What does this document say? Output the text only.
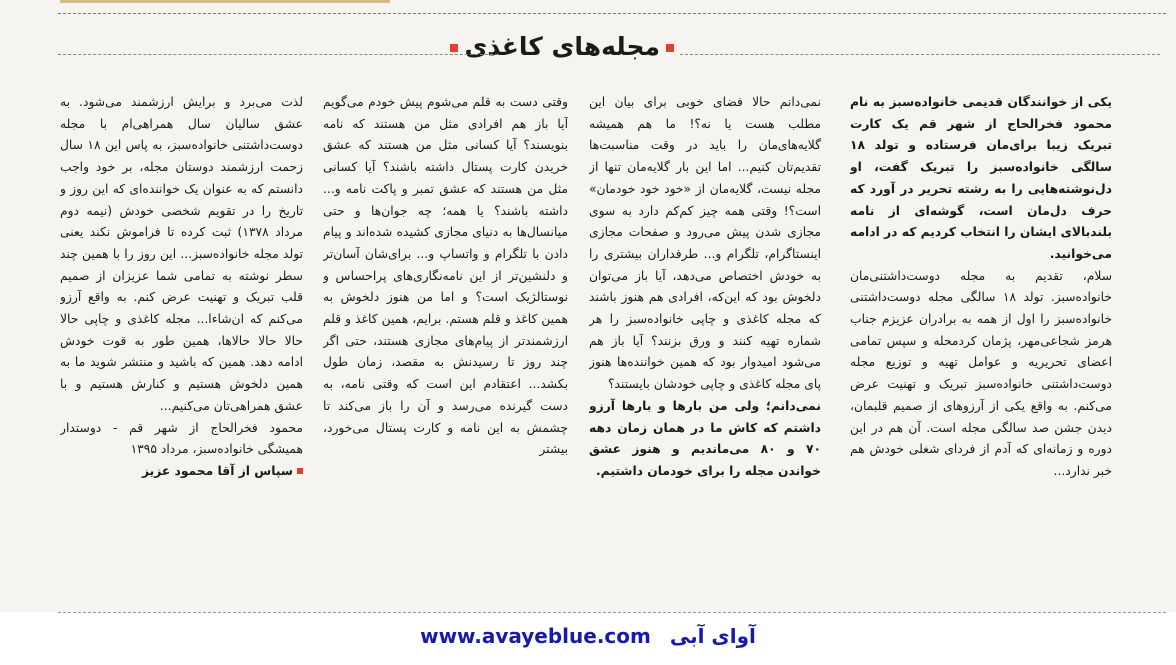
مجله‌های کاغذی

یکی از خوانندگان قدیمی خانواده‌سبز به نام محمود فخرالحاج از شهر قم یک کارت تبریک زیبا برای‌مان فرستاده و تولد ۱۸ سالگی خانواده‌سبز را تبریک گفت، او دل‌نوشته‌هایی را به رشته تحریر در آورد که حرف دل‌مان است، گوشه‌ای از نامه بلندبالای ایشان را انتخاب کردیم که در ادامه می‌خوانید.

سلام، تقدیم به مجله دوست‌داشتنی‌مان خانواده‌سبز. تولد ۱۸ سالگی مجله دوست‌داشتنی خانواده‌سبز را اول از همه به برادران عزیزم جناب هرمز شجاعی‌مهر، پژمان کردمحله و سپس تمامی اعضای تحریریه و عوامل تهیه و توزیع مجله دوست‌داشتنی خانواده‌سبز تبریک و تهنیت عرض می‌کنم. به واقع یکی از آرزوهای از صمیم قلبمان، دیدن جشن صد سالگی مجله است. آن هم در این دوره و زمانه‌ای که آدم از فردای شغلی خودش هم خبر ندارد...

نمی‌دانم حالا فضای خوبی برای بیان این مطلب هست یا نه؟! ما هم همیشه گلایه‌های‌مان را باید در وقت مناسبت‌ها تقدیم‌تان کنیم... اما این بار گلایه‌مان تنها از مجله نیست، گلایه‌مان از «خود خود خودمان» است؟! وقتی همه چیز کم‌کم دارد به سوی مجازی شدن پیش می‌رود و صفحات مجازی اینستاگرام، تلگرام و... طرفداران بیشتری را به خودش اختصاص می‌دهد، آیا باز می‌توان دلخوش بود که این‌که، افرادی هم هنوز باشند که مجله کاغذی و چاپی خانواده‌سبز را هر شماره تهیه کنند و ورق بزنند؟ آیا باز هم می‌شود امیدوار بود که همین خواننده‌ها هنوز پای مجله کاغذی و چاپی خودشان بایستند؟

نمی‌دانم؛ ولی من بارها و بارها آرزو داشتم که کاش ما در همان زمان دهه ۷۰ و ۸۰ می‌ماندیم و هنوز عشق خواندن مجله را برای خودمان داشتیم.

وقتی دست به قلم می‌شوم پیش خودم می‌گویم آیا باز هم افرادی مثل من هستند که نامه بنویسند؟ آیا کسانی مثل من هستند که عشق خریدن کارت پستال داشته باشند؟ آیا کسانی مثل من هستند که عشق تمبر و پاکت نامه و... داشته باشند؟ یا همه؛ چه جوان‌ها و حتی میانسال‌ها به دنیای مجازی کشیده شده‌اند و پیام دادن با تلگرام و واتساپ و... برای‌شان آسان‌تر و دلنشین‌تر از این نامه‌نگاری‌های پراحساس و نوستالژیک است؟ و اما من هنوز دلخوش به همین کاغذ و قلم هستم. برایم، همین کاغذ و قلم ارزشمندتر از پیام‌های مجازی هستند، حتی اگر چند روز تا رسیدنش به مقصد، زمان طول بکشد... اعتقادم این است که وقتی نامه، به دست گیرنده می‌رسد و آن را باز می‌کند تا چشمش به این نامه و کارت پستال می‌خورد، بیشتر

لذت می‌برد و برایش ارزشمند می‌شود. به عشق سالیان سال همراهی‌ام با مجله دوست‌داشتنی خانواده‌سبز، به پاس این ۱۸ سال زحمت ارزشمند دوستان مجله، بر خود واجب دانستم که به عنوان یک خواننده‌ای که این روز و تاریخ را در تقویم شخصی خودش (نیمه دوم مرداد ۱۳۷۸) ثبت کرده تا فراموش نکند یعنی تولد مجله خانواده‌سبز... این روز را با همین چند سطر نوشته به تمامی شما عزیزان از صمیم قلب تبریک و تهنیت عرض کنم. به واقع آرزو می‌کنم که ان‌شاءا... مجله کاغذی و چاپی حالا حالا حالا حالاها، همین طور به قوت خودش ادامه دهد. همین که باشید و منتشر شوید ما به همین دلخوش هستیم و کنارش هستیم و با عشق همراهی‌تان می‌کنیم...

محمود فخرالحاج از شهر قم - دوستدار همیشگی خانواده‌سبز، مرداد ۱۳۹۵

سپاس از آقا محمود عزیز

www.avayeblue.com آوای آبی
